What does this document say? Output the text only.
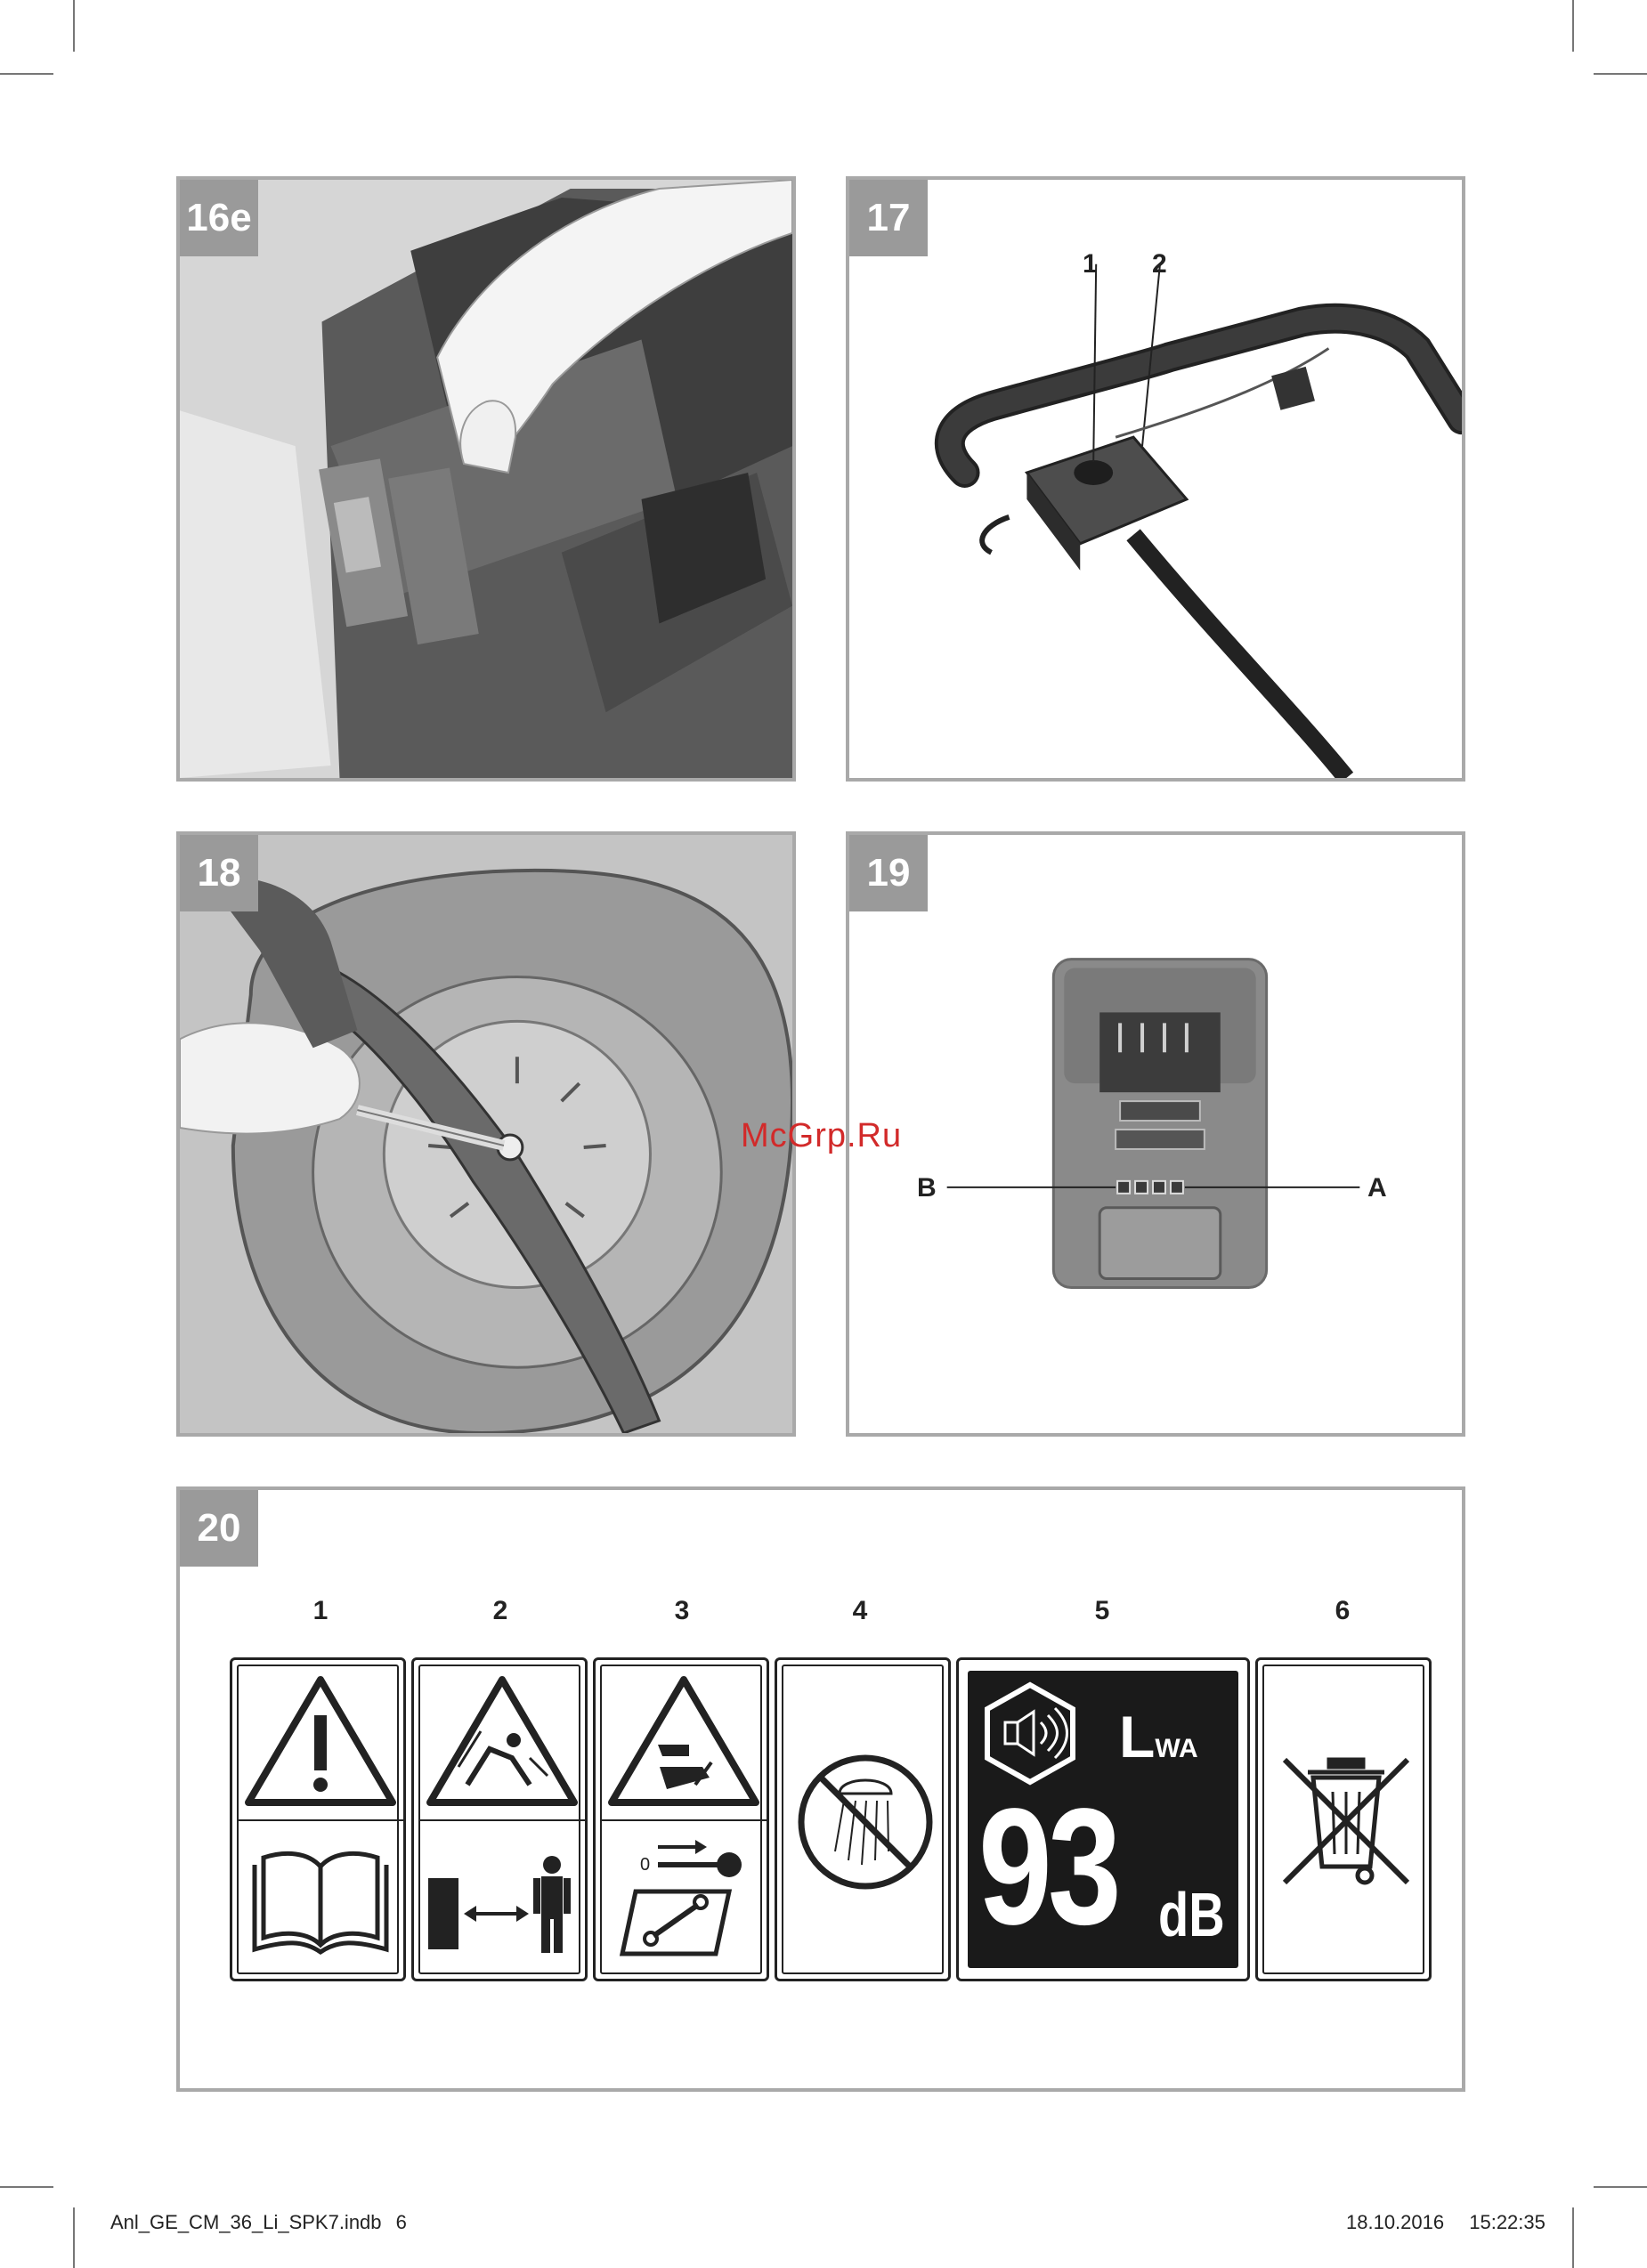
16e	17
1 2
18	19
B	A
McGrp.Ru
20
1	2	3	4	5	6
0
LWA
93 dB
Anl_GE_CM_36_Li_SPK7.indb 6	18.10.2016 15:22:35
